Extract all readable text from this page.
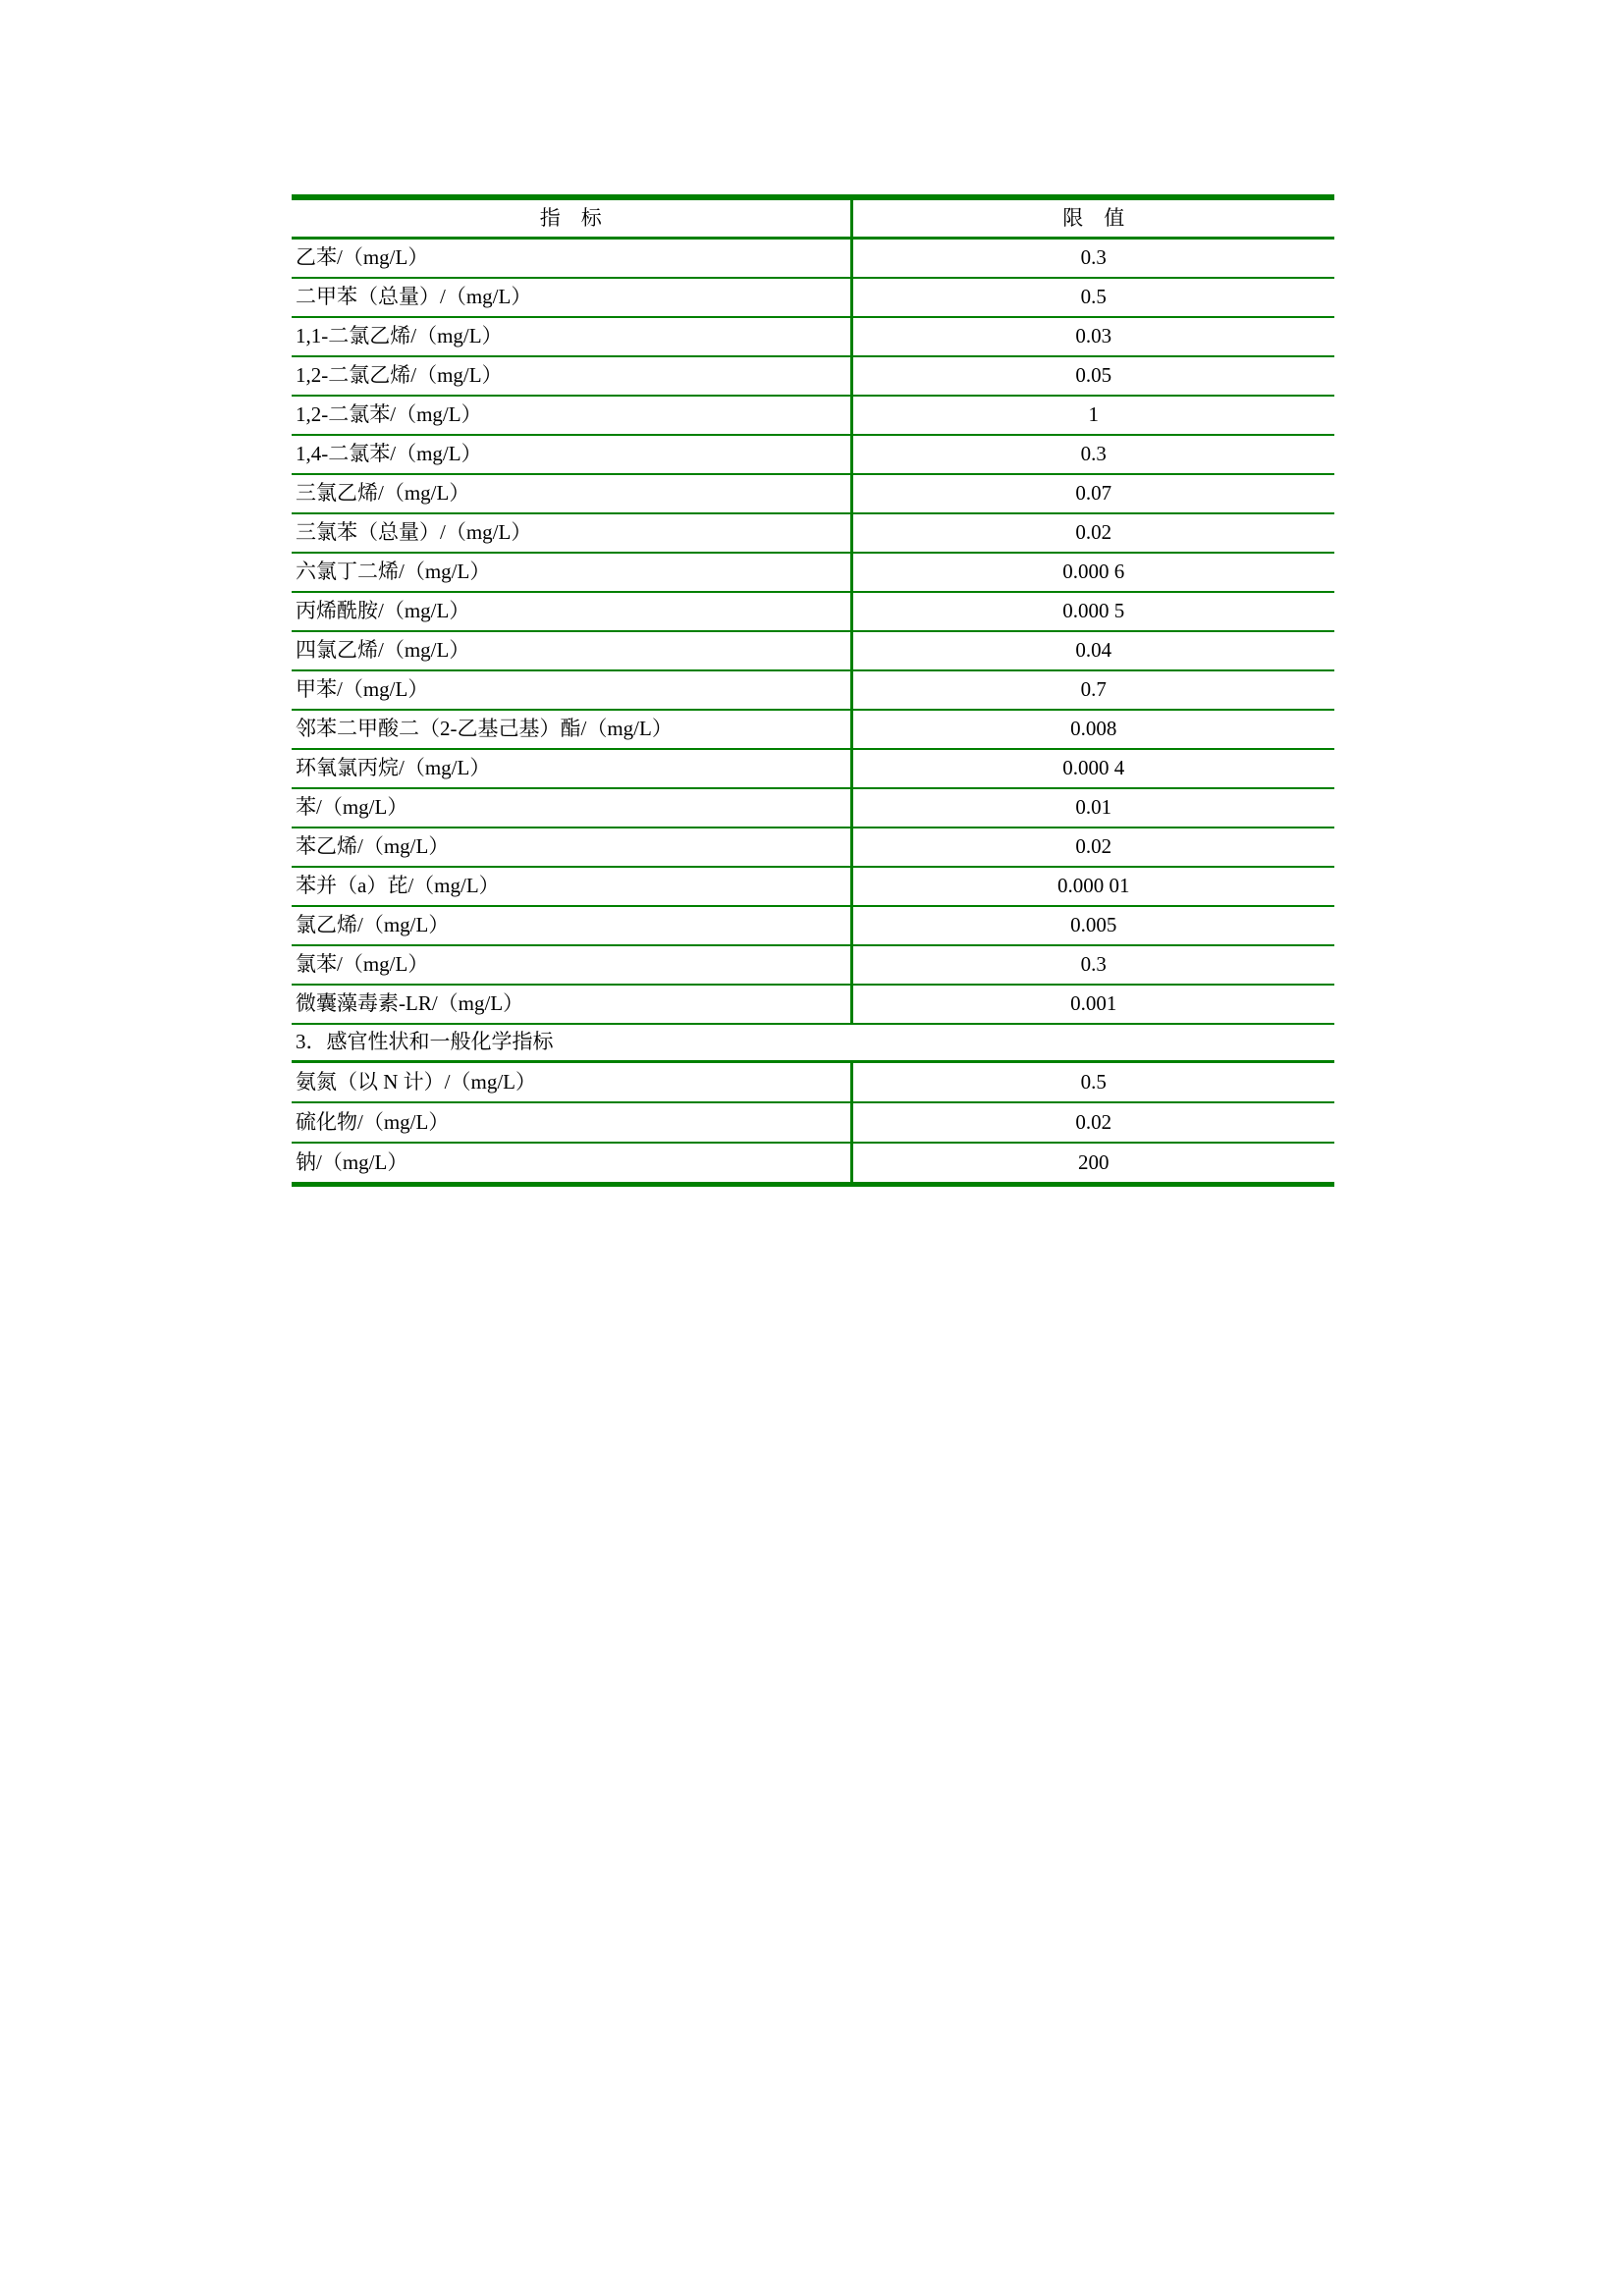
指    标	限    值
乙苯/（mg/L）	0.3
二甲苯（总量）/（mg/L）	0.5
1,1-二氯乙烯/（mg/L）	0.03
1,2-二氯乙烯/（mg/L）	0.05
1,2-二氯苯/（mg/L）	1
1,4-二氯苯/（mg/L）	0.3
三氯乙烯/（mg/L）	0.07
三氯苯（总量）/（mg/L）	0.02
六氯丁二烯/（mg/L）	0.000 6
丙烯酰胺/（mg/L）	0.000 5
四氯乙烯/（mg/L）	0.04
甲苯/（mg/L）	0.7
邻苯二甲酸二（2-乙基己基）酯/（mg/L）	0.008
环氧氯丙烷/（mg/L）	0.000 4
苯/（mg/L）	0.01
苯乙烯/（mg/L）	0.02
苯并（a）芘/（mg/L）	0.000 01
氯乙烯/（mg/L）	0.005
氯苯/（mg/L）	0.3
微囊藻毒素-LR/（mg/L）	0.001
3．感官性状和一般化学指标	
氨氮（以 N 计）/（mg/L）	0.5
硫化物/（mg/L）	0.02
钠/（mg/L）	200
